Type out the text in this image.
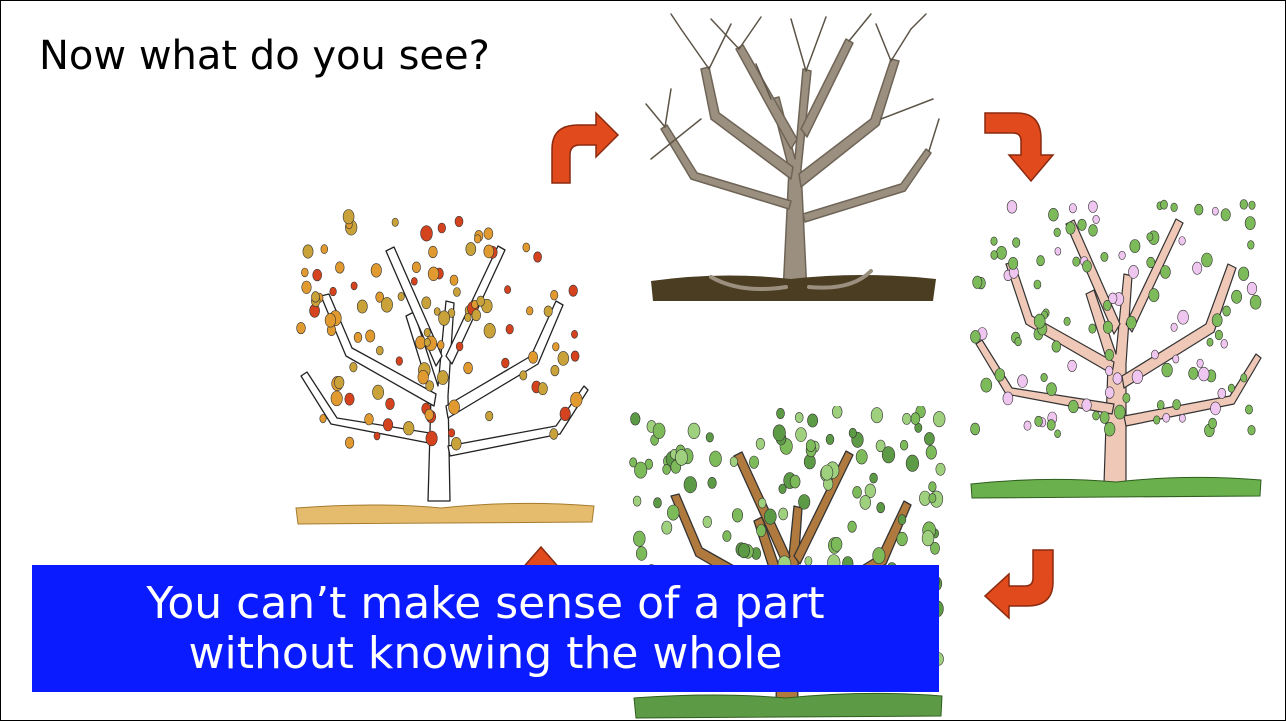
Now what do you see?
You can’t make sense of a part
without knowing the whole
